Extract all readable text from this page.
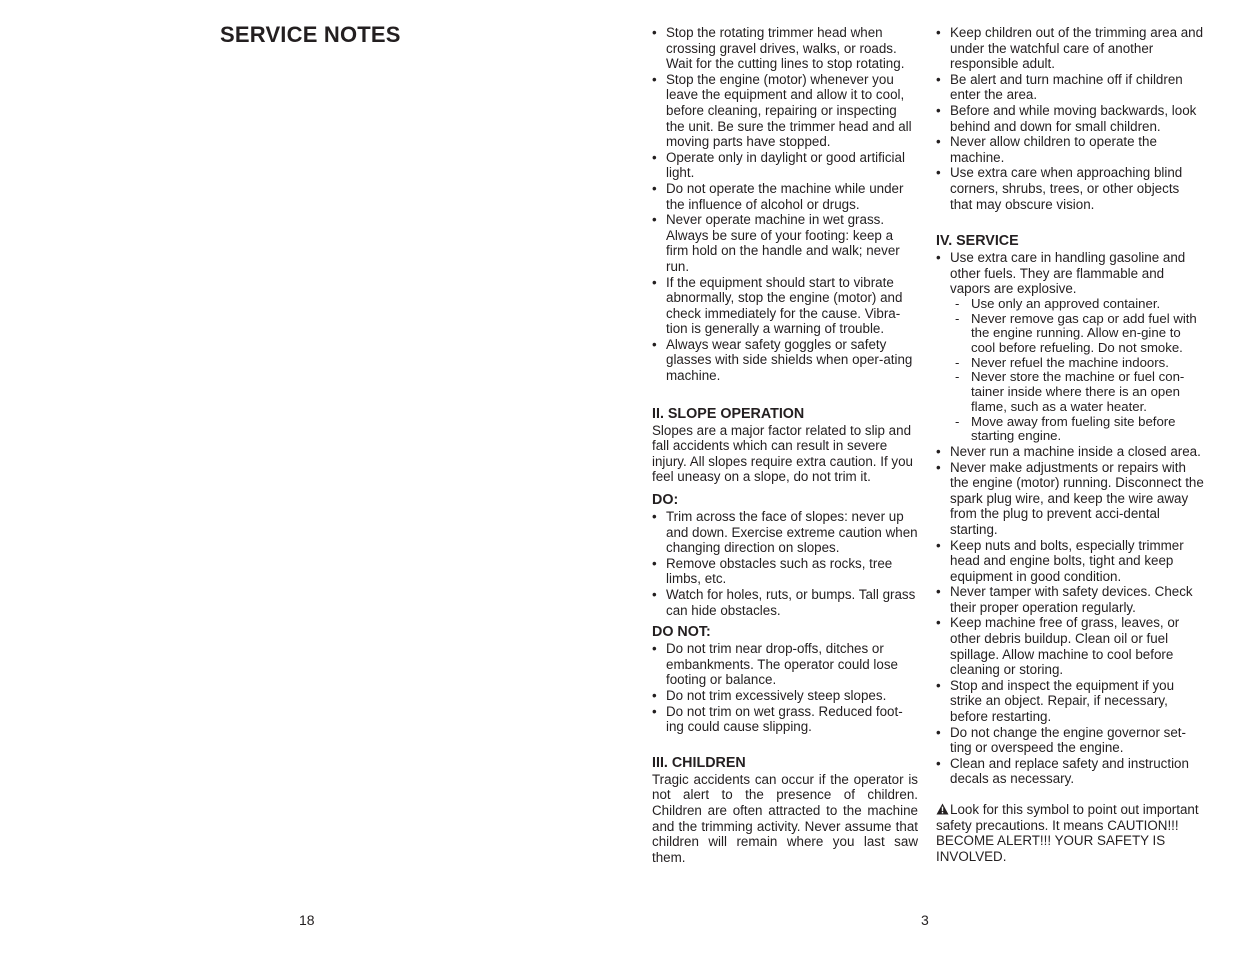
SERVICE NOTES
18
• Stop the rotating trimmer head when crossing gravel drives, walks, or roads. Wait for the cutting lines to stop rotating.
• Stop the engine (motor) whenever you leave the equipment and allow it to cool, before cleaning, repairing or inspecting the unit. Be sure the trimmer head and all moving parts have stopped.
• Operate only in daylight or good artificial light.
• Do not operate the machine while under the influence of alcohol or drugs.
• Never operate machine in wet grass. Always be sure of your footing: keep a firm hold on the handle and walk; never run.
• If the equipment should start to vibrate abnormally, stop the engine (motor) and check immediately for the cause. Vibra-tion is generally a warning of trouble.
• Always wear safety goggles or safety glasses with side shields when oper-ating machine.
II. SLOPE OPERATION

Slopes are a major factor related to slip and fall accidents which can result in severe injury. All slopes require extra caution. If you feel uneasy on a slope, do not trim it.

DO:
• Trim across the face of slopes: never up and down. Exercise extreme caution when changing direction on slopes.
• Remove obstacles such as rocks, tree limbs, etc.
• Watch for holes, ruts, or bumps. Tall grass can hide obstacles.
DO NOT:
• Do not trim near drop-offs, ditches or embankments. The operator could lose footing or balance.
• Do not trim excessively steep slopes.
• Do not trim on wet grass. Reduced foot-ing could cause slipping.
III. CHILDREN

Tragic accidents can occur if the operator is not alert to the presence of children. Children are often attracted to the machine and the trimming activity. Never assume that children will remain where you last saw them.

• Keep children out of the trimming area and under the watchful care of another responsible adult.
• Be alert and turn machine off if children enter the area.
• Before and while moving backwards, look behind and down for small children.
• Never allow children to operate the machine.
• Use extra care when approaching blind corners, shrubs, trees, or other objects that may obscure vision.
IV. SERVICE
• Use extra care in handling gasoline and other fuels. They are flammable and vapors are explosive.
- Use only an approved container.
- Never remove gas cap or add fuel with the engine running. Allow en-gine to cool before refueling. Do not smoke.
- Never refuel the machine indoors.
- Never store the machine or fuel con-tainer inside where there is an open flame, such as a water heater.
- Move away from fueling site before starting engine.
• Never run a machine inside a closed area.
• Never make adjustments or repairs with the engine (motor) running. Disconnect the spark plug wire, and keep the wire away from the plug to prevent acci-dental starting.
• Keep nuts and bolts, especially trimmer head and engine bolts, tight and keep equipment in good condition.
• Never tamper with safety devices. Check their proper operation regularly.
• Keep machine free of grass, leaves, or other debris buildup. Clean oil or fuel spillage. Allow machine to cool before cleaning or storing.
• Stop and inspect the equipment if you strike an object. Repair, if necessary, before restarting.
• Do not change the engine governor set-ting or overspeed the engine.
• Clean and replace safety and instruction decals as necessary.

Look for this symbol to point out important safety precautions. It means CAUTION!!! BECOME ALERT!!! YOUR SAFETY IS INVOLVED.

3
